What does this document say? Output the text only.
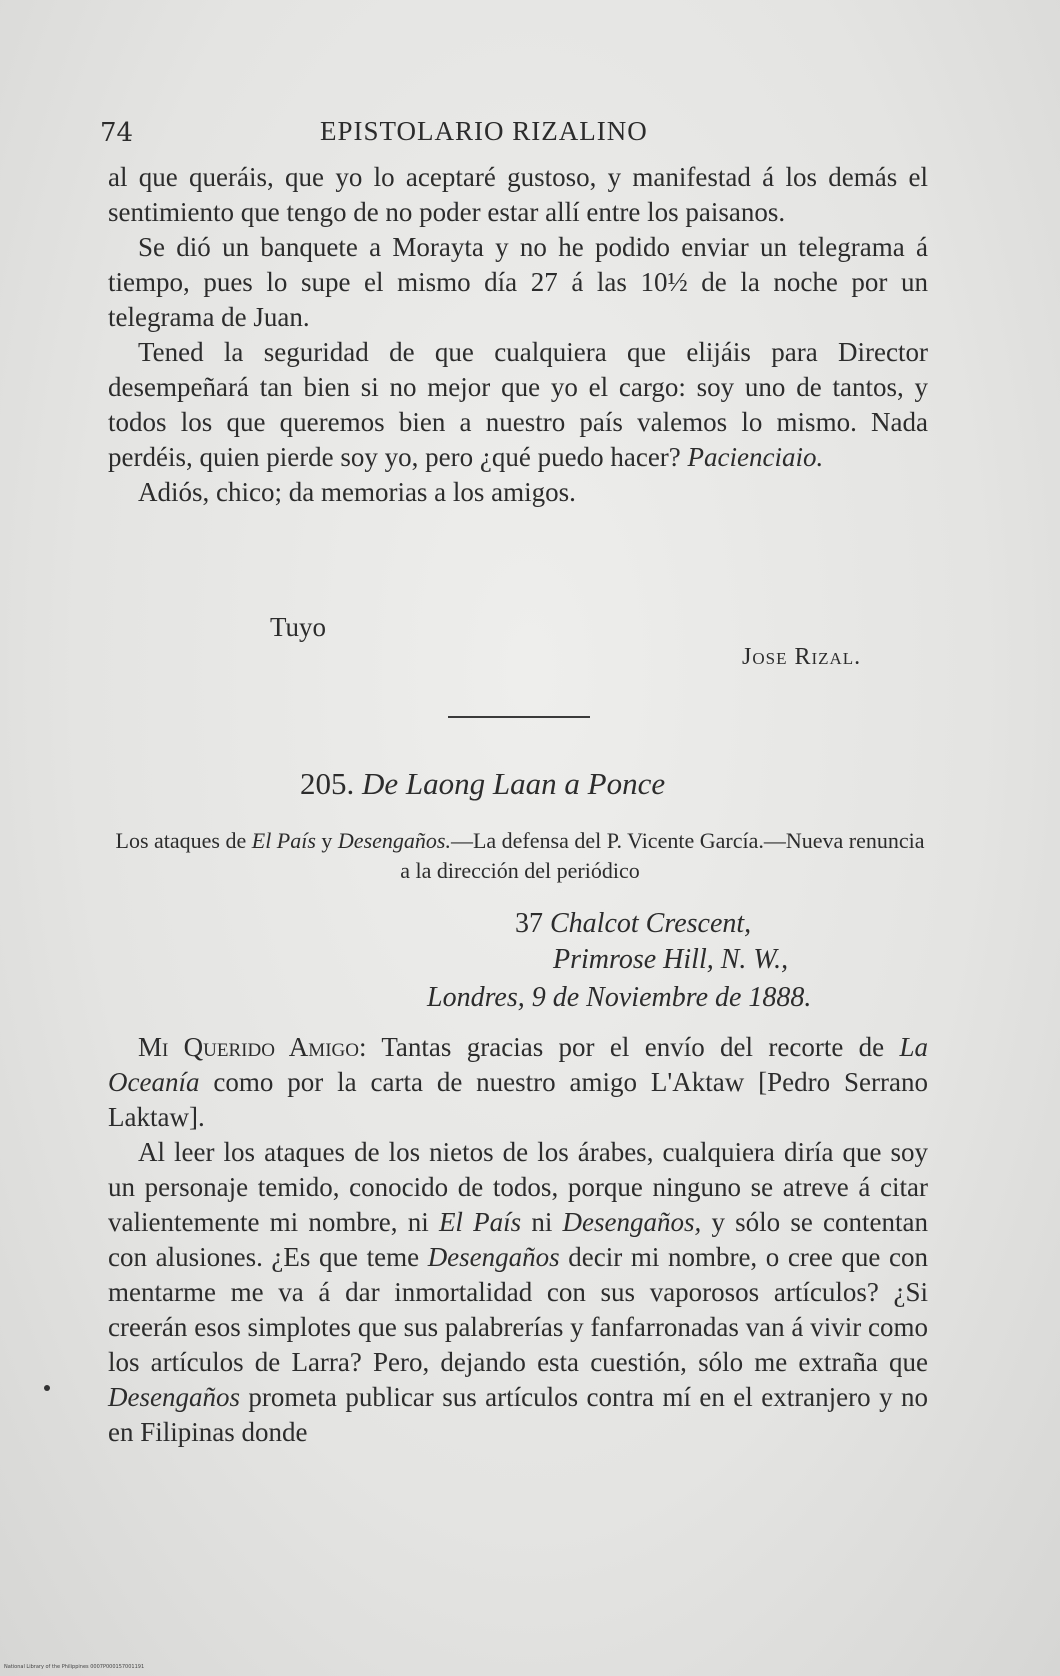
74	EPISTOLARIO RIZALINO

al que queráis, que yo lo aceptaré gustoso, y manifestad á los demás el sentimiento que tengo de no poder estar allí entre los paisanos.

Se dió un banquete a Morayta y no he podido enviar un telegrama á tiempo, pues lo supe el mismo día 27 á las 10½ de la noche por un telegrama de Juan.

Tened la seguridad de que cualquiera que elijáis para Director desempeñará tan bien si no mejor que yo el cargo: soy uno de tantos, y todos los que queremos bien a nuestro país valemos lo mismo. Nada perdéis, quien pierde soy yo, pero ¿qué puedo hacer? Pacienciaio.

Adiós, chico; da memorias a los amigos.

Tuyo
Jose Rizal.
205. De Laong Laan a Ponce
Los ataques de El País y Desengaños.—La defensa del P. Vicente García.—Nueva renuncia a la dirección del periódico
37 Chalcot Crescent,
Primrose Hill, N. W.,
Londres, 9 de Noviembre de 1888.

Mi Querido Amigo: Tantas gracias por el envío del recorte de La Oceanía como por la carta de nuestro amigo L'Aktaw [Pedro Serrano Laktaw].

Al leer los ataques de los nietos de los árabes, cualquiera diría que soy un personaje temido, conocido de todos, porque ninguno se atreve á citar valientemente mi nombre, ni El País ni Desengaños, y sólo se contentan con alusiones. ¿Es que teme Desengaños decir mi nombre, o cree que con mentarme me va á dar inmortalidad con sus vaporosos artículos? ¿Si creerán esos simplotes que sus palabrerías y fanfarronadas van á vivir como los artículos de Larra? Pero, dejando esta cuestión, sólo me extraña que Desengaños prometa publicar sus artículos contra mí en el extranjero y no en Filipinas donde

National Library of the Philippines 0007P000157001191
